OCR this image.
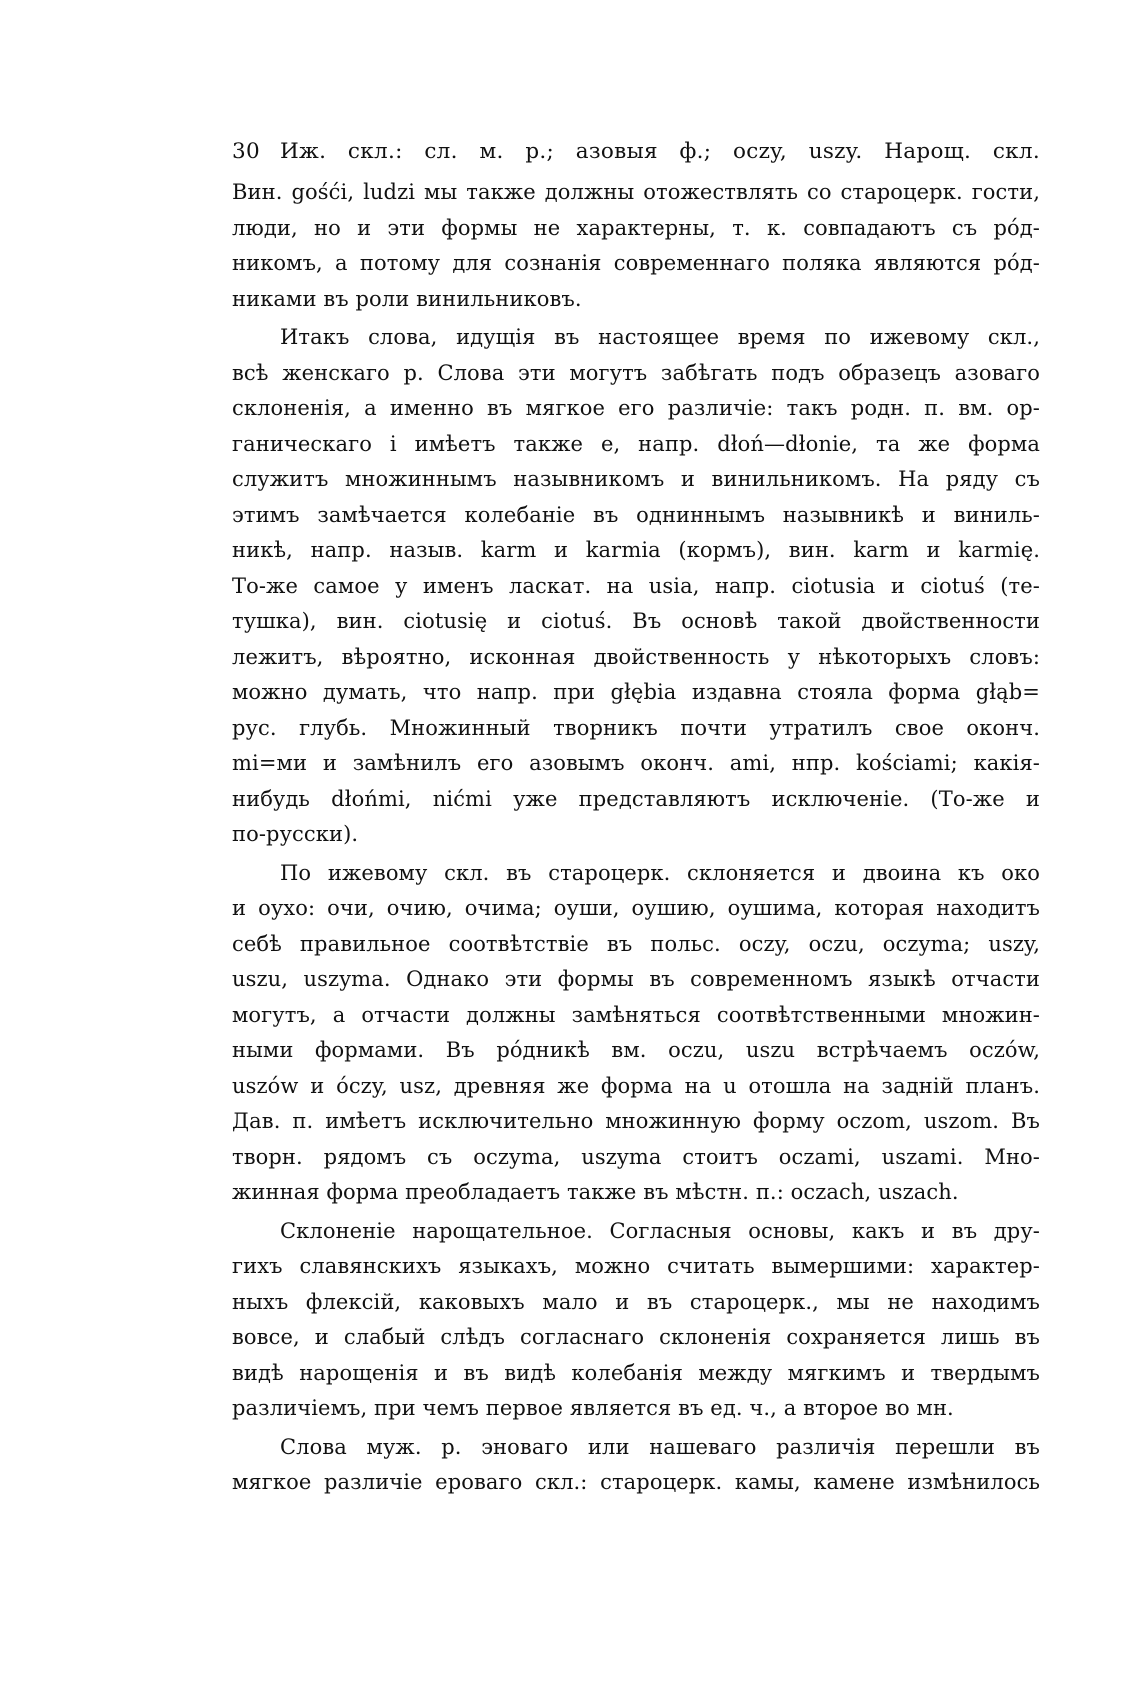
30 Иж. скл.: сл. м. р.; азовыя ф.; oczy, uszy. Нарощ. скл.
Вин. gośći, ludzi мы также должны отожествлять со староцерк. гости,
люди, но и эти формы не характерны, т. к. совпадаютъ съ рóд-
никомъ, а потому для сознанія современнаго поляка являются рóд-
никами въ роли винильниковъ.
Итакъ слова, идущія въ настоящее время по ижевому скл.,
всѣ женскаго р. Слова эти могутъ забѣгать подъ образецъ азоваго
склоненія, а именно въ мягкое его различіе: такъ родн. п. вм. ор-
ганическаго i имѣетъ также e, напр. dłoń—dłonie, та же форма
служитъ множиннымъ назывникомъ и винильникомъ. На ряду съ
этимъ замѣчается колебаніе въ одниннымъ назывникѣ и виниль-
никѣ, напр. назыв. karm и karmia (кормъ), вин. karm и karmię.
То-же самое у именъ ласкат. на usia, напр. ciotusia и ciotuś (те-
тушка), вин. ciotusię и ciotuś. Въ основѣ такой двойственности
лежитъ, вѣроятно, исконная двойственность у нѣкоторыхъ словъ:
можно думать, что напр. при głębia издавна стояла форма głąb=
рус. глубь. Множинный творникъ почти утратилъ свое оконч.
mi=ми и замѣнилъ его азовымъ оконч. ami, нпр. kościami; какія-
нибудь dłońmi, nićmi уже представляютъ исключеніе. (То-же и
по-русски).
По ижевому скл. въ староцерк. склоняется и двоина къ око
и оухо: очи, очию, очима; оуши, оушию, оушима, которая находитъ
себѣ правильное соотвѣтствіе въ польс. oczy, oczu, oczyma; uszy,
uszu, uszyma. Однако эти формы въ современномъ языкѣ отчасти
могутъ, а отчасти должны замѣняться соотвѣтственными множин-
ными формами. Въ рóдникѣ вм. oczu, uszu встрѣчаемъ oczów,
uszów и óczy, usz, древняя же форма на u отошла на задній планъ.
Дав. п. имѣетъ исключительно множинную форму oczom, uszom. Въ
творн. рядомъ съ oczyma, uszyma стоитъ oczami, uszami. Мно-
жинная форма преобладаетъ также въ мѣстн. п.: oczach, uszach.
Склоненіе нарощательное. Согласныя основы, какъ и въ дру-
гихъ славянскихъ языкахъ, можно считать вымершими: характер-
ныхъ флексій, каковыхъ мало и въ староцерк., мы не находимъ
вовсе, и слабый слѣдъ согласнаго склоненія сохраняется лишь въ
видѣ нарощенія и въ видѣ колебанія между мягкимъ и твердымъ
различіемъ, при чемъ первое является въ ед. ч., а второе во мн.
Слова муж. р. эноваго или нашеваго различія перешли въ
мягкое различіе ероваго скл.: староцерк. камы, камене измѣнилось
